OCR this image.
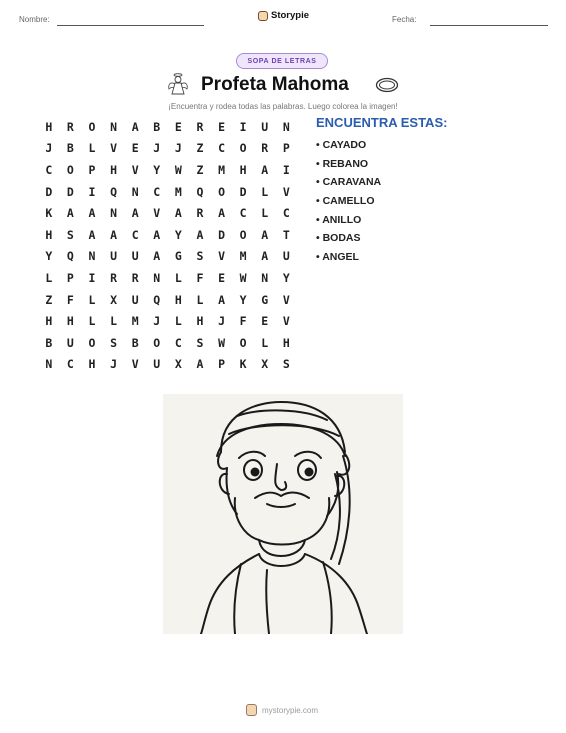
Nombre:	Storypie	Fecha:
SOPA DE LETRAS
Profeta Mahoma
¡Encuentra y rodea todas las palabras. Luego colorea la imagen!
H	R	O	N	A	B	E	R	E	I	U	N
J	B	L	V	E	J	J	Z	C	O	R	P
C	O	P	H	V	Y	W	Z	M	H	A	I
D	D	I	Q	N	C	M	Q	O	D	L	V
K	A	A	N	A	V	A	R	A	C	L	C
H	S	A	A	C	A	Y	A	D	O	A	T
Y	Q	N	U	U	A	G	S	V	M	A	U
L	P	I	R	R	N	L	F	E	W	N	Y
Z	F	L	X	U	Q	H	L	A	Y	G	V
H	H	L	L	M	J	L	H	J	F	E	V
B	U	O	S	B	O	C	S	W	O	L	H
N	C	H	J	V	U	X	A	P	K	X	S
ENCUENTRA ESTAS:
• CAYADO
• REBANO
• CARAVANA
• CAMELLO
• ANILLO
• BODAS
• ANGEL
mystorypie.com
